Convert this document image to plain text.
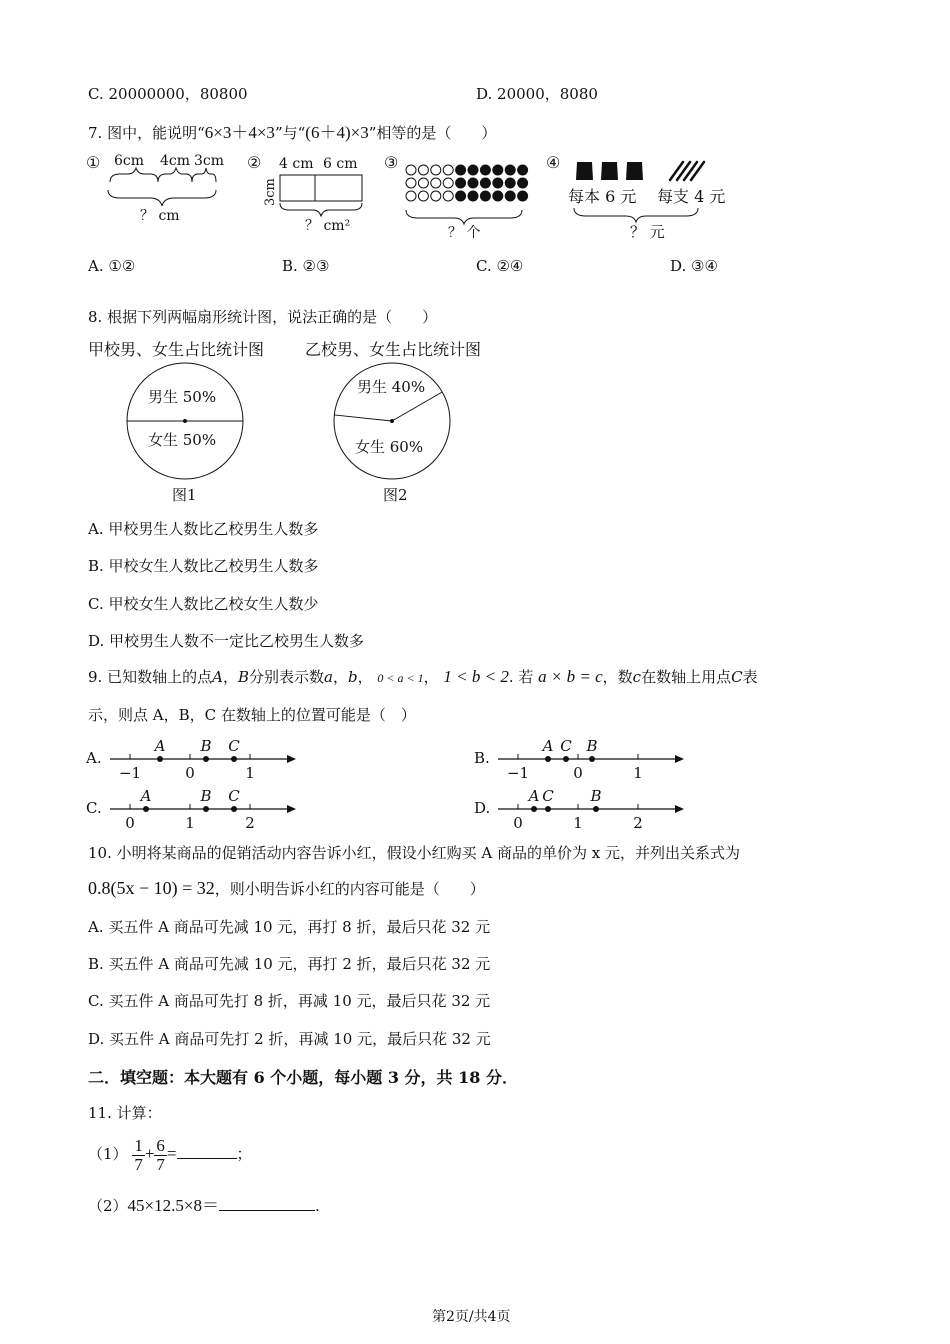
C. 20000000，80800	D. 20000，8080
7. 图中，能说明“6×3＋4×3”与“(6＋4)×3”相等的是（　　）
① 6cm 4cm 3cm
？ cm
② 4 cm 6 cm
3cm
？ cm²
③
？ 个
④
每本 6 元 每支 4 元
？ 元
A. ①②	B. ②③	C. ②④	D. ③④
8. 根据下列两幅扇形统计图，说法正确的是（　　）
甲校男、女生占比统计图	乙校男、女生占比统计图
男生 50%
女生 50%
图1
男生 40%
女生 60%
图2
A. 甲校男生人数比乙校男生人数多
B. 甲校女生人数比乙校男生人数多
C. 甲校女生人数比乙校女生人数少
D. 甲校男生人数不一定比乙校男生人数多
9. 已知数轴上的点A，B分别表示数a，b， 0 < a < 1， 1 < b < 2. 若 a × b = c，数c在数轴上用点C表
示，则点 A，B，C 在数轴上的位置可能是（　）
A.
−1	0	1
A B C
B.
−1	0	1
A C B
C.
0	1	2
A	B C
D.
0	1	2
A C B
10. 小明将某商品的促销活动内容告诉小红，假设小红购买 A 商品的单价为 x 元，并列出关系式为
0.8(5x − 10) = 32，则小明告诉小红的内容可能是（　　）
A. 买五件 A 商品可先减 10 元，再打 8 折，最后只花 32 元
B. 买五件 A 商品可先减 10 元，再打 2 折，最后只花 32 元
C. 买五件 A 商品可先打 8 折，再减 10 元，最后只花 32 元
D. 买五件 A 商品可先打 2 折，再减 10 元，最后只花 32 元
二．填空题：本大题有 6 个小题，每小题 3 分，共 18 分．
11. 计算：
$(1) \frac{1}{7} + \frac{6}{7}$ =	；
（2）45×12.5×8＝	.
第2页/共4页
